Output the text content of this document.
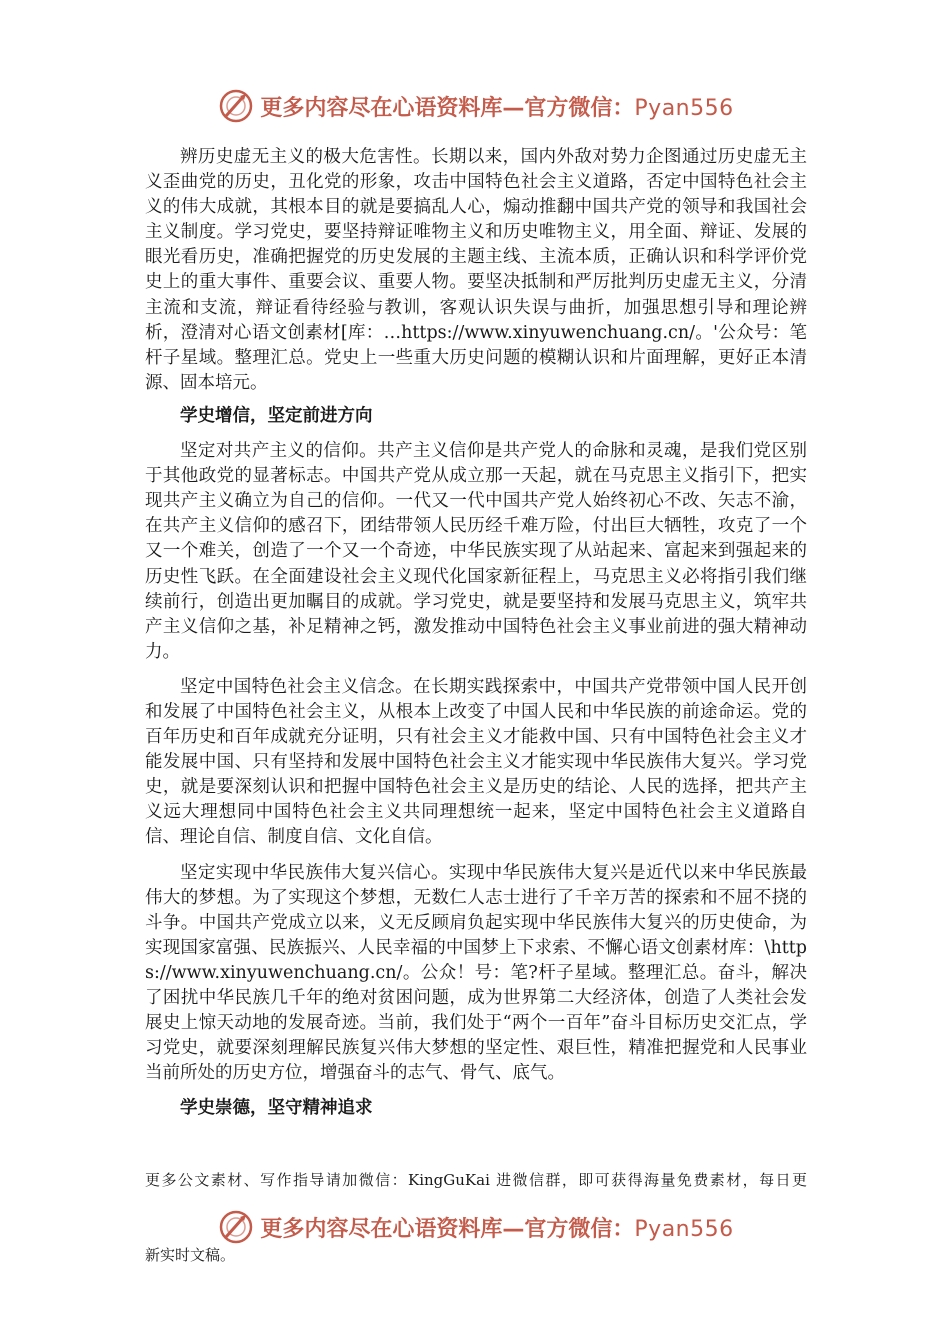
更多内容尽在心语资料库—官方微信：Pyan556

辨历史虚无主义的极大危害性。长期以来，国内外敌对势力企图通过历史虚无主义歪曲党的历史，丑化党的形象，攻击中国特色社会主义道路，否定中国特色社会主义的伟大成就，其根本目的就是要搞乱人心，煽动推翻中国共产党的领导和我国社会主义制度。学习党史，要坚持辩证唯物主义和历史唯物主义，用全面、辩证、发展的眼光看历史，准确把握党的历史发展的主题主线、主流本质，正确认识和科学评价党史上的重大事件、重要会议、重要人物。要坚决抵制和严厉批判历史虚无主义，分清主流和支流，辩证看待经验与教训，客观认识失误与曲折，加强思想引导和理论辨析，澄清对心语文创素材[库：…https://www.xinyuwenchuang.cn/。'公众号：笔杆子星域。整理汇总。党史上一些重大历史问题的模糊认识和片面理解，更好正本清源、固本培元。

学史增信，坚定前进方向

坚定对共产主义的信仰。共产主义信仰是共产党人的命脉和灵魂，是我们党区别于其他政党的显著标志。中国共产党从成立那一天起，就在马克思主义指引下，把实现共产主义确立为自己的信仰。一代又一代中国共产党人始终初心不改、矢志不渝，在共产主义信仰的感召下，团结带领人民历经千难万险，付出巨大牺牲，攻克了一个又一个难关，创造了一个又一个奇迹，中华民族实现了从站起来、富起来到强起来的历史性飞跃。在全面建设社会主义现代化国家新征程上，马克思主义必将指引我们继续前行，创造出更加瞩目的成就。学习党史，就是要坚持和发展马克思主义，筑牢共产主义信仰之基，补足精神之钙，激发推动中国特色社会主义事业前进的强大精神动力。

坚定中国特色社会主义信念。在长期实践探索中，中国共产党带领中国人民开创和发展了中国特色社会主义，从根本上改变了中国人民和中华民族的前途命运。党的百年历史和百年成就充分证明，只有社会主义才能救中国、只有中国特色社会主义才能发展中国、只有坚持和发展中国特色社会主义才能实现中华民族伟大复兴。学习党史，就是要深刻认识和把握中国特色社会主义是历史的结论、人民的选择，把共产主义远大理想同中国特色社会主义共同理想统一起来，坚定中国特色社会主义道路自信、理论自信、制度自信、文化自信。

坚定实现中华民族伟大复兴信心。实现中华民族伟大复兴是近代以来中华民族最伟大的梦想。为了实现这个梦想，无数仁人志士进行了千辛万苦的探索和不屈不挠的斗争。中国共产党成立以来，义无反顾肩负起实现中华民族伟大复兴的历史使命，为实现国家富强、民族振兴、人民幸福的中国梦上下求索、不懈心语文创素材库：\https://www.xinyuwenchuang.cn/。公众！号：笔?杆子星域。整理汇总。奋斗，解决了困扰中华民族几千年的绝对贫困问题，成为世界第二大经济体，创造了人类社会发展史上惊天动地的发展奇迹。当前，我们处于“两个一百年”奋斗目标历史交汇点，学习党史，就要深刻理解民族复兴伟大梦想的坚定性、艰巨性，精准把握党和人民事业当前所处的历史方位，增强奋斗的志气、骨气、底气。

学史崇德，坚守精神追求

更多公文素材、写作指导请加微信：KingGuKai 进微信群，即可获得海量免费素材，每日更
更多内容尽在心语资料库—官方微信：Pyan556
新实时文稿。
